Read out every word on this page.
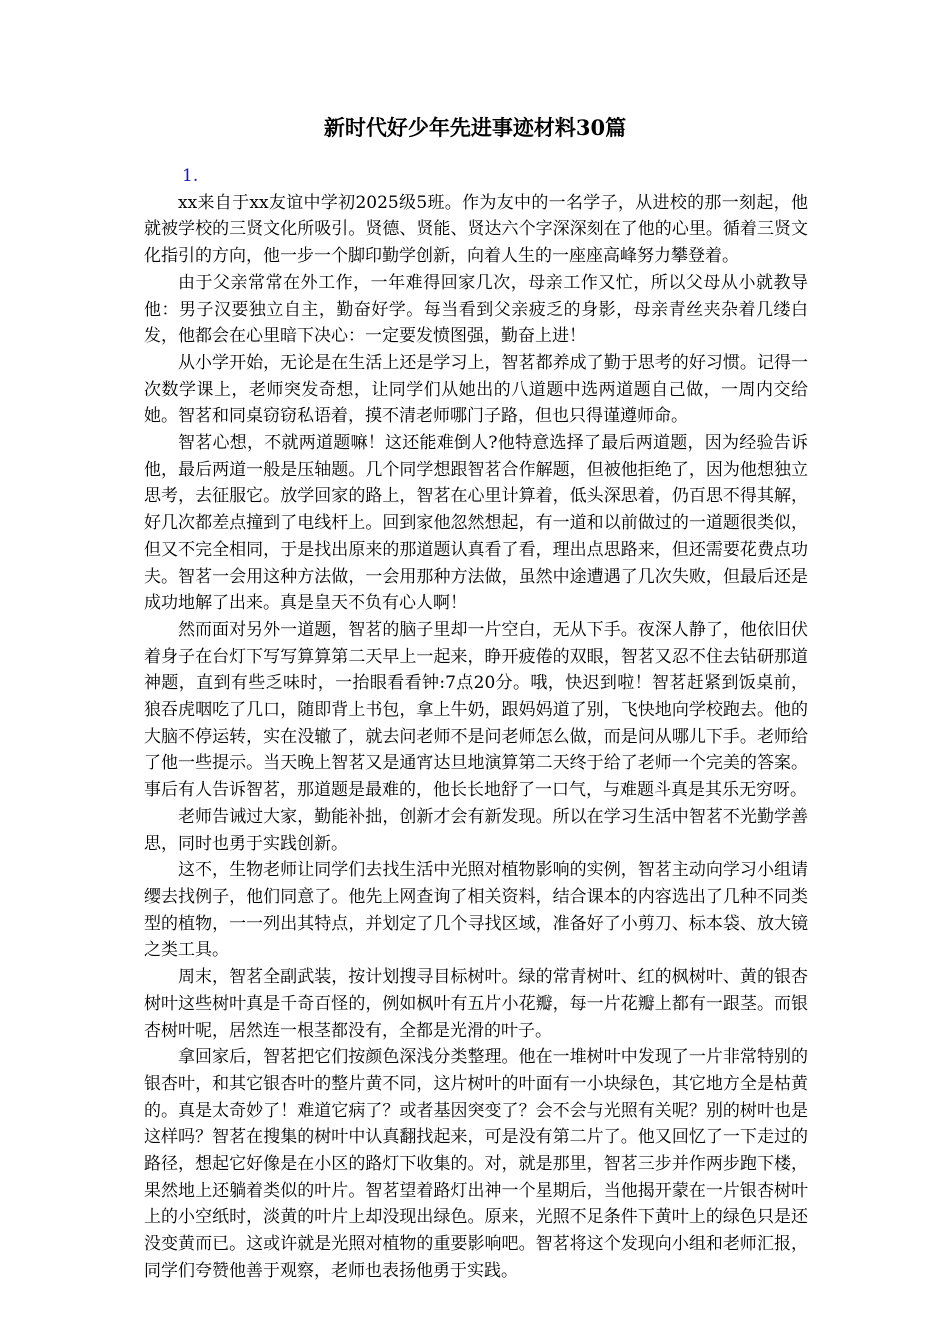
新时代好少年先进事迹材料30篇

1.

xx来自于xx友谊中学初2025级5班。作为友中的一名学子，从进校的那一刻起，他就被学校的三贤文化所吸引。贤德、贤能、贤达六个字深深刻在了他的心里。循着三贤文化指引的方向，他一步一个脚印勤学创新，向着人生的一座座高峰努力攀登着。

由于父亲常常在外工作，一年难得回家几次，母亲工作又忙，所以父母从小就教导他：男子汉要独立自主，勤奋好学。每当看到父亲疲乏的身影，母亲青丝夹杂着几缕白发，他都会在心里暗下决心：一定要发愤图强，勤奋上进！

从小学开始，无论是在生活上还是学习上，智茗都养成了勤于思考的好习惯。记得一次数学课上，老师突发奇想，让同学们从她出的八道题中选两道题自己做，一周内交给她。智茗和同桌窃窃私语着，摸不清老师哪门子路，但也只得谨遵师命。

智茗心想，不就两道题嘛！这还能难倒人?他特意选择了最后两道题，因为经验告诉他，最后两道一般是压轴题。几个同学想跟智茗合作解题，但被他拒绝了，因为他想独立思考，去征服它。放学回家的路上，智茗在心里计算着，低头深思着，仍百思不得其解，好几次都差点撞到了电线杆上。回到家他忽然想起，有一道和以前做过的一道题很类似，但又不完全相同，于是找出原来的那道题认真看了看，理出点思路来，但还需要花费点功夫。智茗一会用这种方法做，一会用那种方法做，虽然中途遭遇了几次失败，但最后还是成功地解了出来。真是皇天不负有心人啊！

然而面对另外一道题，智茗的脑子里却一片空白，无从下手。夜深人静了，他依旧伏着身子在台灯下写写算算第二天早上一起来，睁开疲倦的双眼，智茗又忍不住去钻研那道神题，直到有些乏味时，一抬眼看看钟:7点20分。哦，快迟到啦！智茗赶紧到饭桌前，狼吞虎咽吃了几口，随即背上书包，拿上牛奶，跟妈妈道了别，飞快地向学校跑去。他的大脑不停运转，实在没辙了，就去问老师不是问老师怎么做，而是问从哪儿下手。老师给了他一些提示。当天晚上智茗又是通宵达旦地演算第二天终于给了老师一个完美的答案。事后有人告诉智茗，那道题是最难的，他长长地舒了一口气，与难题斗真是其乐无穷呀。

老师告诫过大家，勤能补拙，创新才会有新发现。所以在学习生活中智茗不光勤学善思，同时也勇于实践创新。

这不，生物老师让同学们去找生活中光照对植物影响的实例，智茗主动向学习小组请缨去找例子，他们同意了。他先上网查询了相关资料，结合课本的内容选出了几种不同类型的植物，一一列出其特点，并划定了几个寻找区域，准备好了小剪刀、标本袋、放大镜之类工具。

周末，智茗全副武装，按计划搜寻目标树叶。绿的常青树叶、红的枫树叶、黄的银杏树叶这些树叶真是千奇百怪的，例如枫叶有五片小花瓣，每一片花瓣上都有一跟茎。而银杏树叶呢，居然连一根茎都没有，全都是光滑的叶子。

拿回家后，智茗把它们按颜色深浅分类整理。他在一堆树叶中发现了一片非常特别的银杏叶，和其它银杏叶的整片黄不同，这片树叶的叶面有一小块绿色，其它地方全是枯黄的。真是太奇妙了！难道它病了？或者基因突变了？会不会与光照有关呢？别的树叶也是这样吗？智茗在搜集的树叶中认真翻找起来，可是没有第二片了。他又回忆了一下走过的路径，想起它好像是在小区的路灯下收集的。对，就是那里，智茗三步并作两步跑下楼，果然地上还躺着类似的叶片。智茗望着路灯出神一个星期后，当他揭开蒙在一片银杏树叶上的小空纸时，淡黄的叶片上却没现出绿色。原来，光照不足条件下黄叶上的绿色只是还没变黄而已。这或许就是光照对植物的重要影响吧。智茗将这个发现向小组和老师汇报，同学们夸赞他善于观察，老师也表扬他勇于实践。
